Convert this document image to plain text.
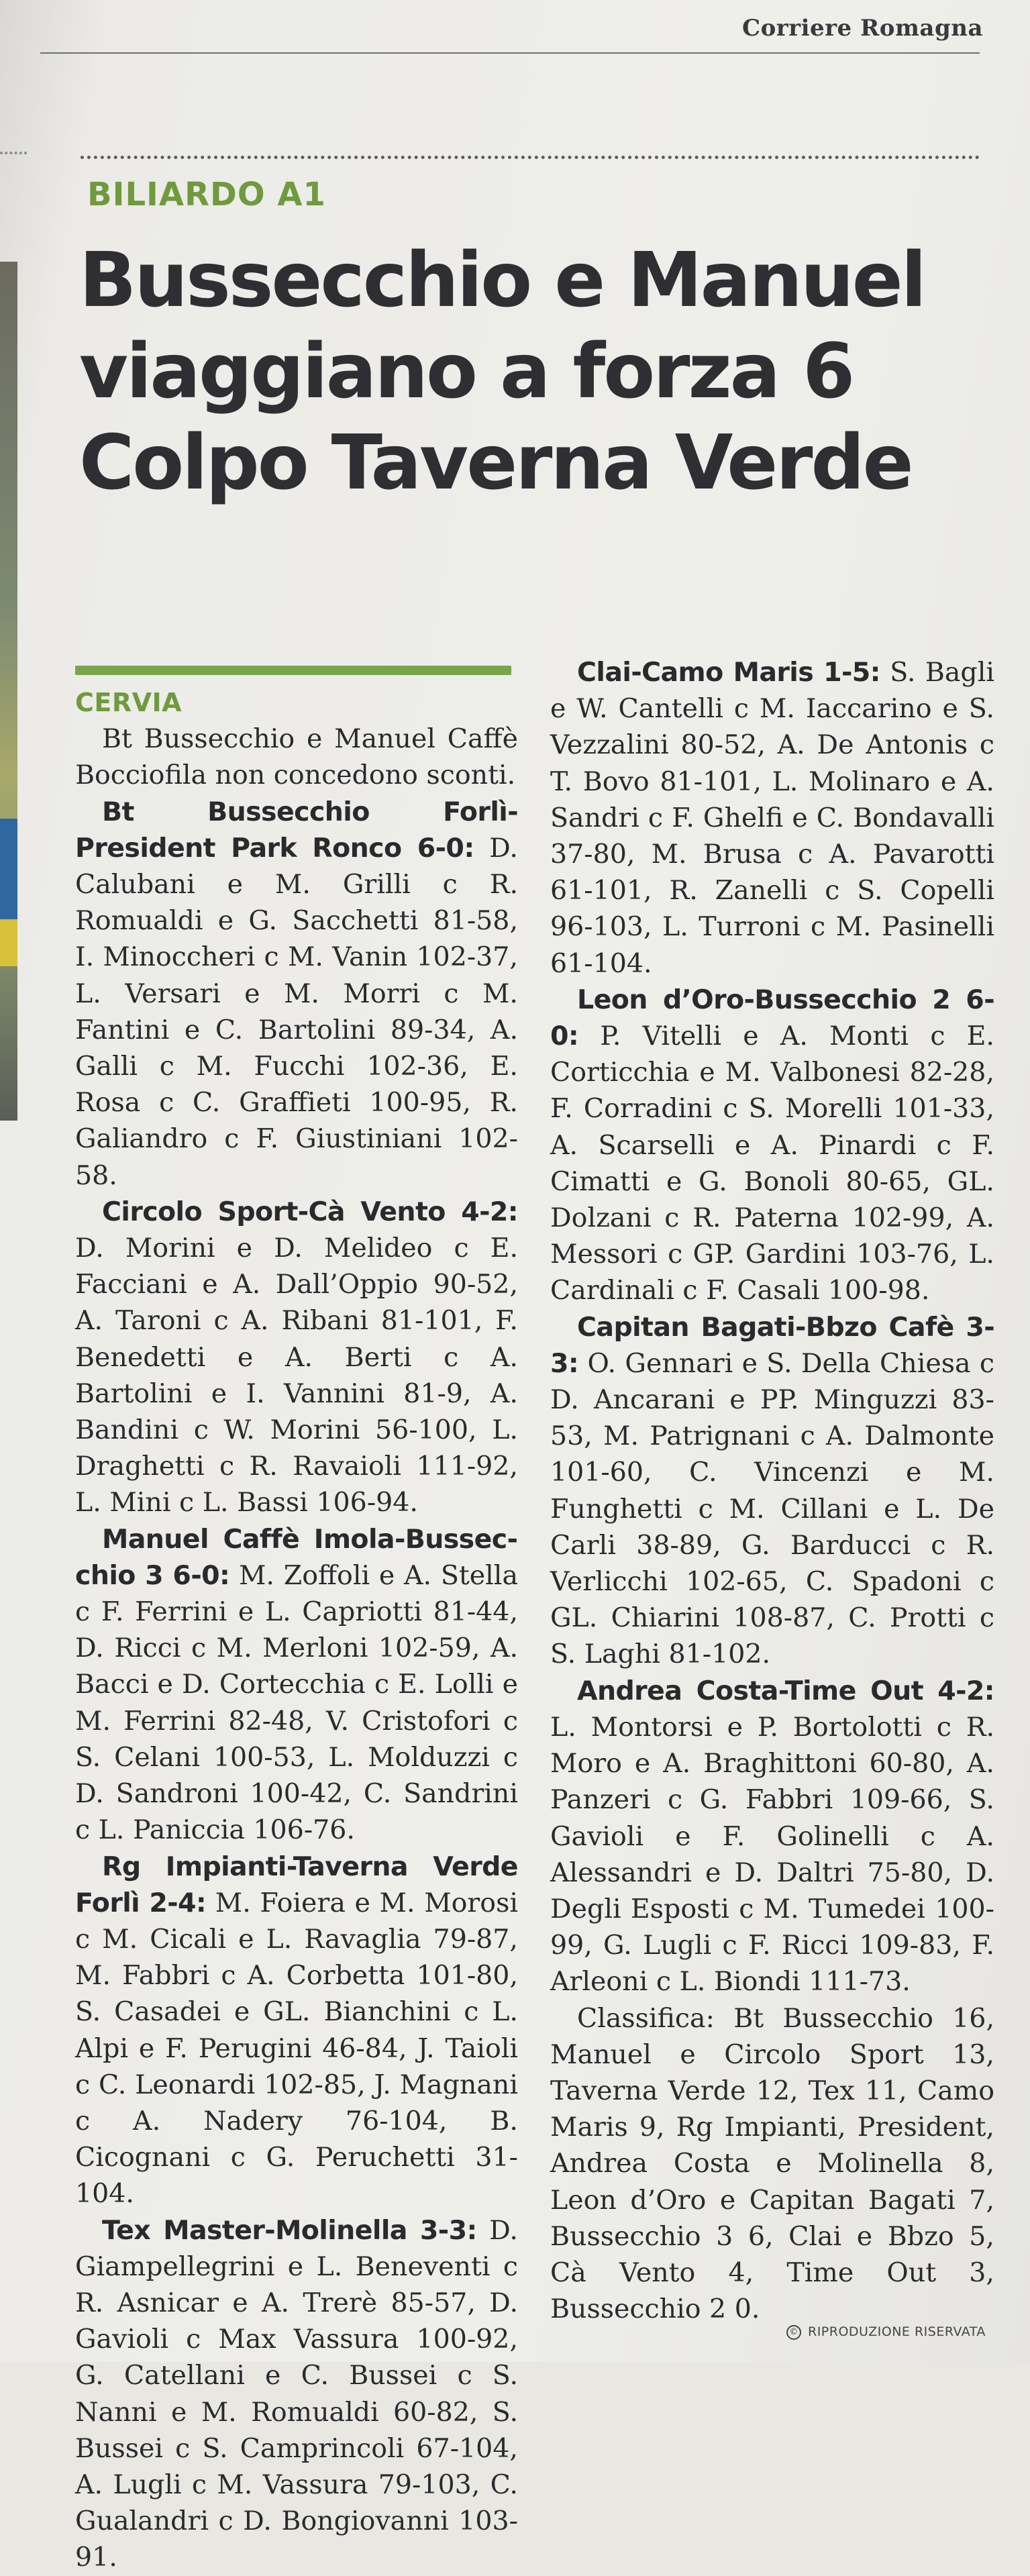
Corriere Romagna
BILIARDO A1
Bussecchio e Manuel
viaggiano a forza 6
Colpo Taverna Verde

CERVIA

Bt Bussecchio e Manuel Caffè Bocciofila non concedono sconti.

Bt Bussecchio Forlì-President Park Ronco 6-0: D. Calubani e M. Grilli c R. Romualdi e G. Sacchetti 81-58, I. Minoccheri c M. Vanin 102-37, L. Versari e M. Morri c M. Fantini e C. Bartolini 89-34, A. Galli c M. Fucchi 102-36, E. Rosa c C. Graffieti 100-95, R. Galiandro c F. Giustiniani 102-58.

Circolo Sport-Cà Vento 4-2: D. Morini e D. Melideo c E. Facciani e A. Dall’Oppio 90-52, A. Taroni c A. Ribani 81-101, F. Benedetti e A. Berti c A. Bartolini e I. Vannini 81-9, A. Bandini c W. Morini 56-100, L. Draghetti c R. Ravaioli 111-92, L. Mini c L. Bassi 106-94.

Manuel Caffè Imola-Bussecchio 3 6-0: M. Zoffoli e A. Stella c F. Ferrini e L. Capriotti 81-44, D. Ricci c M. Merloni 102-59, A. Bacci e D. Cortecchia c E. Lolli e M. Ferrini 82-48, V. Cristofori c S. Celani 100-53, L. Molduzzi c D. Sandroni 100-42, C. Sandrini c L. Paniccia 106-76.

Rg Impianti-Taverna Verde Forlì 2-4: M. Foiera e M. Morosi c M. Cicali e L. Ravaglia 79-87, M. Fabbri c A. Corbetta 101-80, S. Casadei e GL. Bianchini c L. Alpi e F. Perugini 46-84, J. Taioli c C. Leonardi 102-85, J. Magnani c A. Nadery 76-104, B. Cicognani c G. Peruchetti 31-104.

Tex Master-Molinella 3-3: D. Giampellegrini e L. Beneventi c R. Asnicar e A. Trerè 85-57, D. Gavioli c Max Vassura 100-92, G. Catellani e C. Bussei c S. Nanni e M. Romualdi 60-82, S. Bussei c S. Camprincoli 67-104, A. Lugli c M. Vassura 79-103, C. Gualandri c D. Bongiovanni 103-91.

Clai-Camo Maris 1-5: S. Bagli e W. Cantelli c M. Iaccarino e S. Vezzalini 80-52, A. De Antonis c T. Bovo 81-101, L. Molinaro e A. Sandri c F. Ghelfi e C. Bondavalli 37-80, M. Brusa c A. Pavarotti 61-101, R. Zanelli c S. Copelli 96-103, L. Turroni c M. Pasinelli 61-104.

Leon d’Oro-Bussecchio 2 6-0: P. Vitelli e A. Monti c E. Corticchia e M. Valbonesi 82-28, F. Corradini c S. Morelli 101-33, A. Scarselli e A. Pinardi c F. Cimatti e G. Bonoli 80-65, GL. Dolzani c R. Paterna 102-99, A. Messori c GP. Gardini 103-76, L. Cardinali c F. Casali 100-98.

Capitan Bagati-Bbzo Cafè 3-3: O. Gennari e S. Della Chiesa c D. Ancarani e PP. Minguzzi 83-53, M. Patrignani c A. Dalmonte 101-60, C. Vincenzi e M. Funghetti c M. Cillani e L. De Carli 38-89, G. Barducci c R. Verlicchi 102-65, C. Spadoni c GL. Chiarini 108-87, C. Protti c S. Laghi 81-102.

Andrea Costa-Time Out 4-2: L. Montorsi e P. Bortolotti c R. Moro e A. Braghittoni 60-80, A. Panzeri c G. Fabbri 109-66, S. Gavioli e F. Golinelli c A. Alessandri e D. Daltri 75-80, D. Degli Esposti c M. Tumedei 100-99, G. Lugli c F. Ricci 109-83, F. Arleoni c L. Biondi 111-73.

Classifica: Bt Bussecchio 16, Manuel e Circolo Sport 13, Taverna Verde 12, Tex 11, Camo Maris 9, Rg Impianti, President, Andrea Costa e Molinella 8, Leon d’Oro e Capitan Bagati 7, Bussecchio 3 6, Clai e Bbzo 5, Cà Vento 4, Time Out 3, Bussecchio 2 0.

© RIPRODUZIONE RISERVATA
